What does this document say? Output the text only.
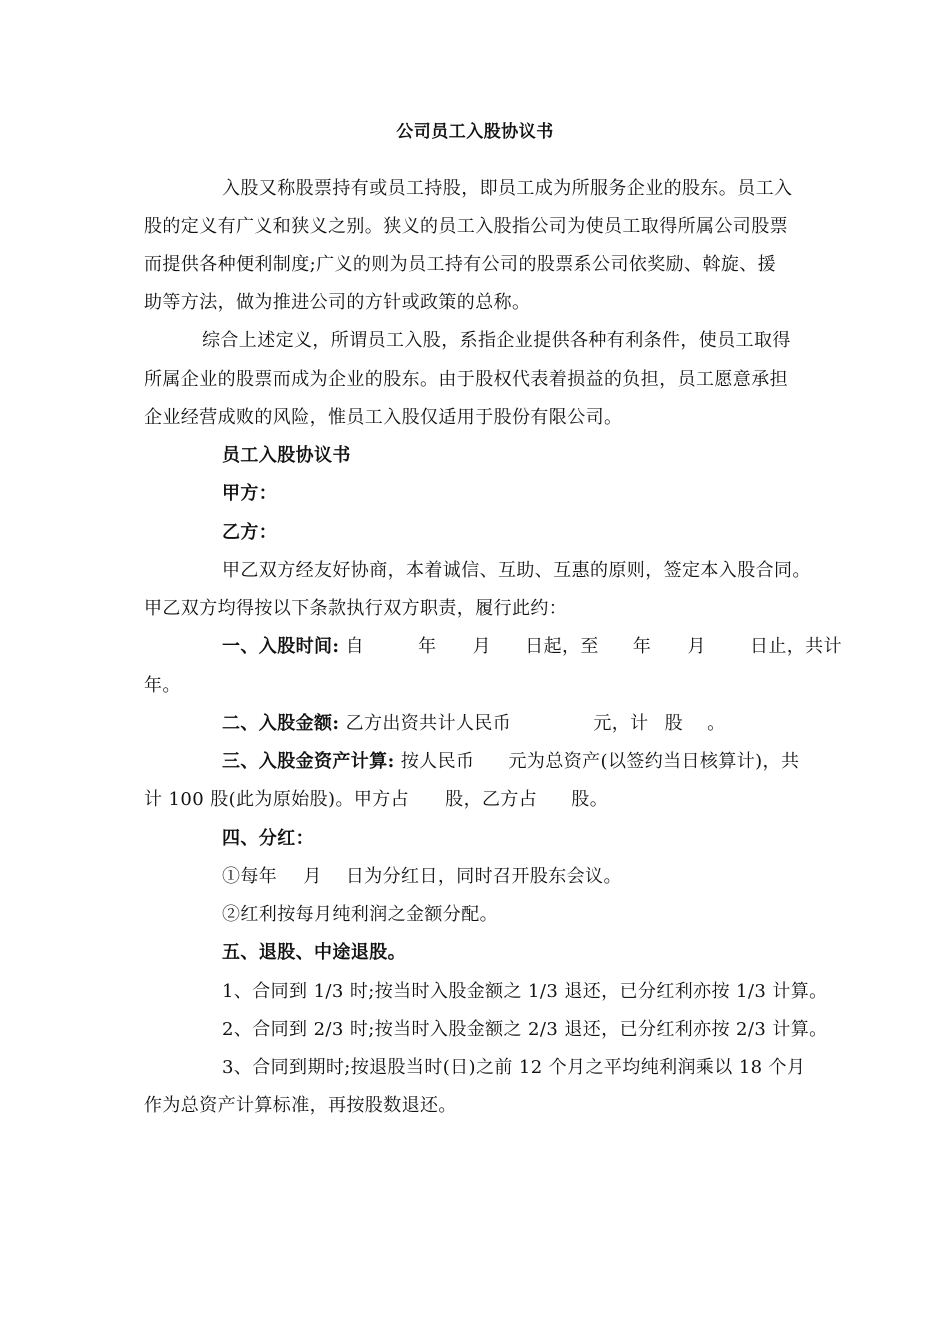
公司员工入股协议书
入股又称股票持有或员工持股，即员工成为所服务企业的股东。员工入
股的定义有广义和狭义之别。狭义的员工入股指公司为使员工取得所属公司股票
而提供各种便利制度;广义的则为员工持有公司的股票系公司依奖励、斡旋、援
助等方法，做为推进公司的方针或政策的总称。
综合上述定义，所谓员工入股，系指企业提供各种有利条件，使员工取得
所属企业的股票而成为企业的股东。由于股权代表着损益的负担，员工愿意承担
企业经营成败的风险，惟员工入股仅适用于股份有限公司。
员工入股协议书
甲方：
乙方：
甲乙双方经友好协商，本着诚信、互助、互惠的原则，签定本入股合同。
甲乙双方均得按以下条款执行双方职责，履行此约：
一、入股时间: 自	年 月 日起，至 年 月 日止，共计
年。
二、入股金额: 乙方出资共计人民币	元，计 股 。
三、入股金资产计算: 按人民币 元为总资产(以签约当日核算计)，共
计 100 股(此为原始股)。甲方占 股，乙方占 股。
四、分红：
①每年 月 日为分红日，同时召开股东会议。
②红利按每月纯利润之金额分配。
五、退股、中途退股。
1、合同到 1/3 时;按当时入股金额之 1/3 退还，已分红利亦按 1/3 计算。
2、合同到 2/3 时;按当时入股金额之 2/3 退还，已分红利亦按 2/3 计算。
3、合同到期时;按退股当时(日)之前 12 个月之平均纯利润乘以 18 个月
作为总资产计算标准，再按股数退还。
